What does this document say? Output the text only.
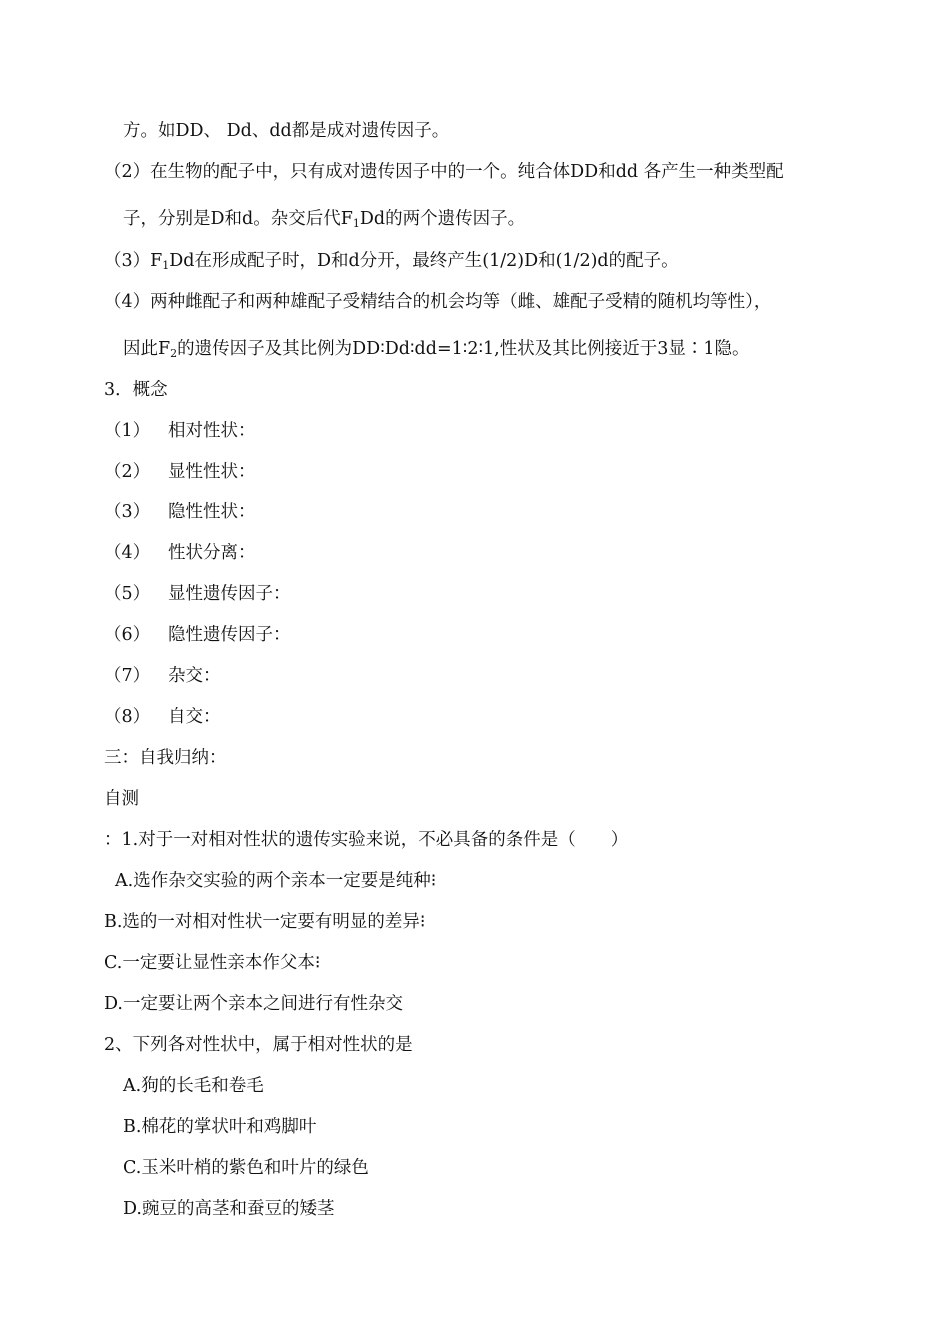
方。如DD、 Dd、dd都是成对遗传因子。
（2）在生物的配子中，只有成对遗传因子中的一个。纯合体DD和dd 各产生一种类型配
子，分别是D和d。杂交后代$F_1Dd$的两个遗传因子。
$(3)F_1Dd$在形成配子时，D和d分开，最终产生(1/2)D和(1/2)d的配子。
（4）两种雌配子和两种雄配子受精结合的机会均等（雌、雄配子受精的随机均等性），
因此$F_2$的遗传因子及其比例为DD∶Dd∶dd=1∶2∶1,性状及其比例接近于3显∶1隐。
3．概念
（1） 相对性状：
（2） 显性性状：
（3） 隐性性状：
（4） 性状分离：
（5） 显性遗传因子：
（6） 隐性遗传因子：
（7） 杂交：
（8） 自交：
三：自我归纳：
自测
：1.对于一对相对性状的遗传实验来说，不必具备的条件是（　　）
A.选作杂交实验的两个亲本一定要是纯种⁝
B.选的一对相对性状一定要有明显的差异⁝
C.一定要让显性亲本作父本⁝
D.一定要让两个亲本之间进行有性杂交
2、下列各对性状中，属于相对性状的是
A.狗的长毛和卷毛
B.棉花的掌状叶和鸡脚叶
C.玉米叶梢的紫色和叶片的绿色
D.豌豆的高茎和蚕豆的矮茎
